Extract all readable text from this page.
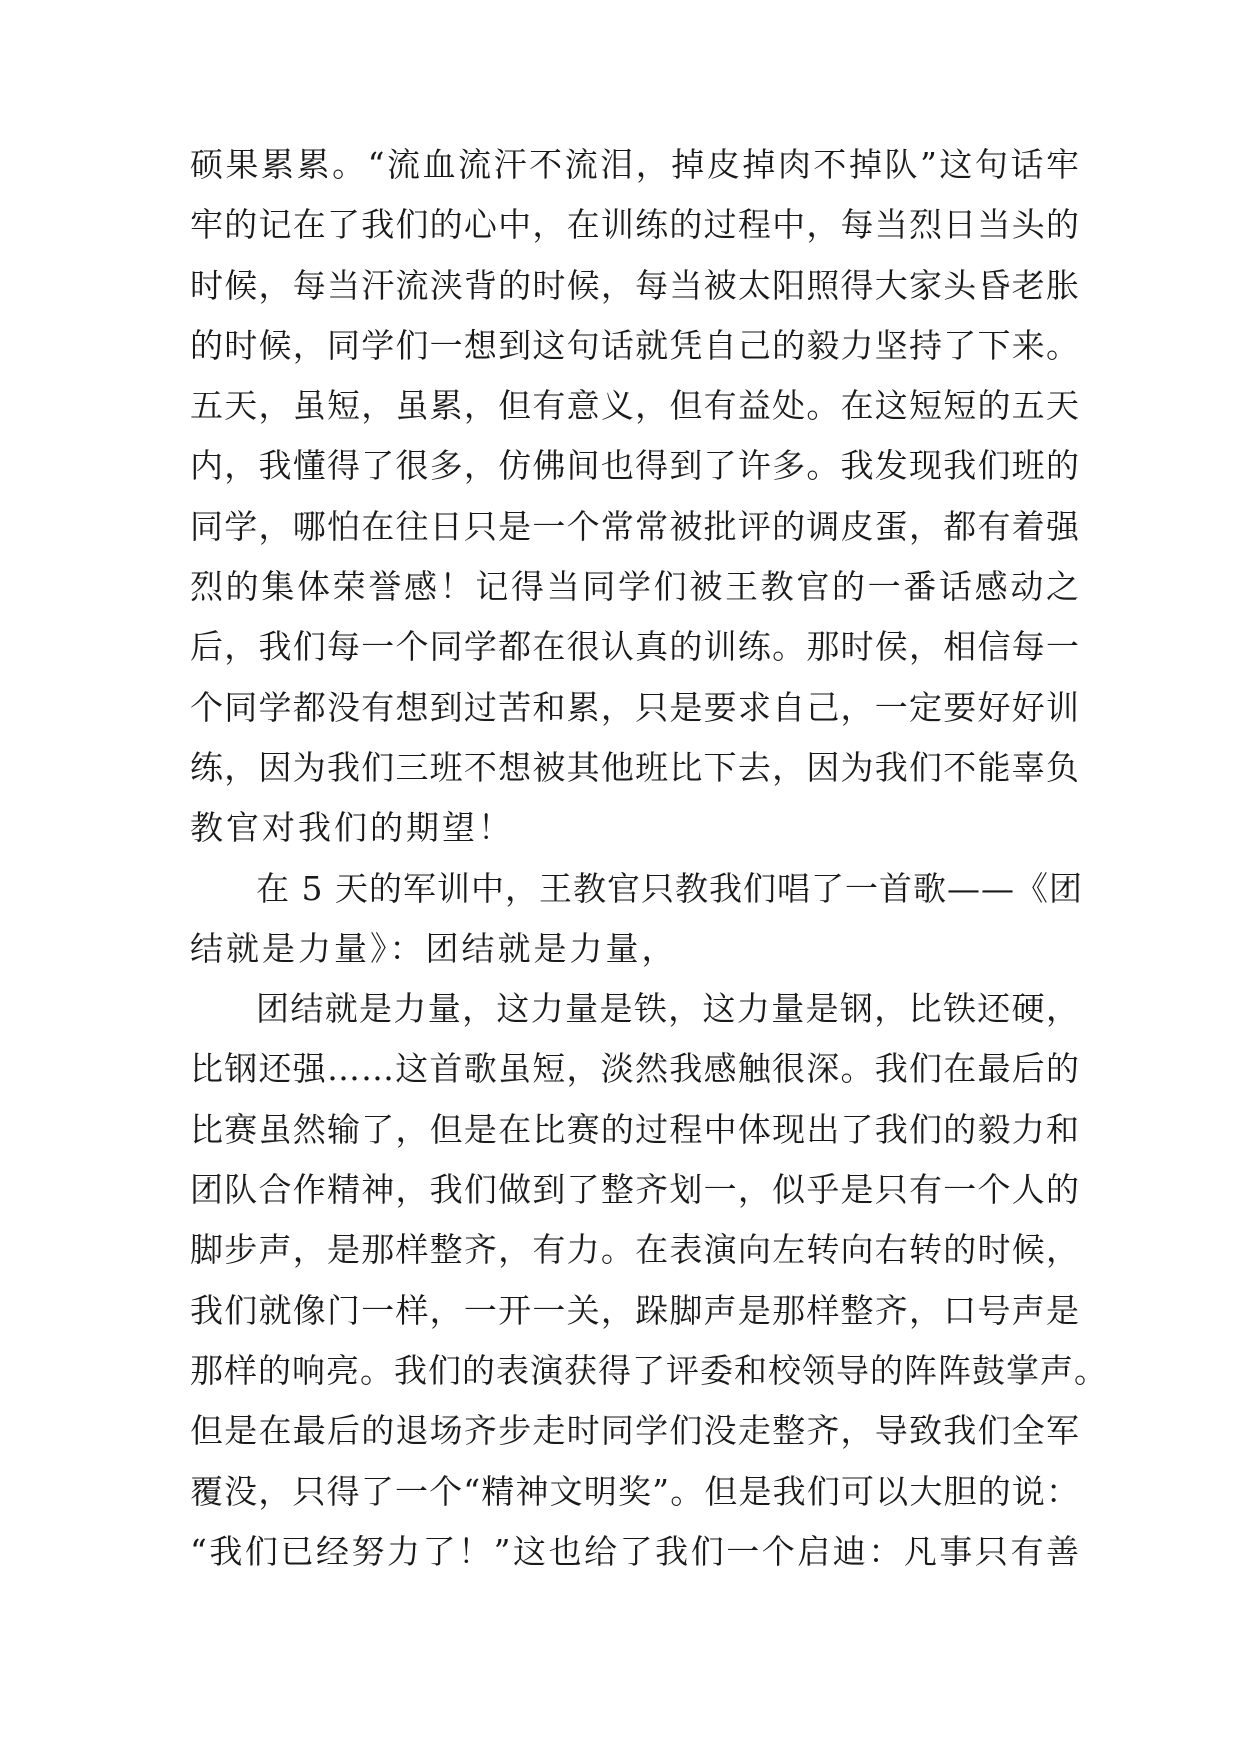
硕果累累。“流血流汗不流泪，掉皮掉肉不掉队”这句话牢
牢的记在了我们的心中，在训练的过程中，每当烈日当头的
时候，每当汗流浃背的时候，每当被太阳照得大家头昏老胀
的时候，同学们一想到这句话就凭自己的毅力坚持了下来。
五天，虽短，虽累，但有意义，但有益处。在这短短的五天
内，我懂得了很多，仿佛间也得到了许多。我发现我们班的
同学，哪怕在往日只是一个常常被批评的调皮蛋，都有着强
烈的集体荣誉感！记得当同学们被王教官的一番话感动之
后，我们每一个同学都在很认真的训练。那时侯，相信每一
个同学都没有想到过苦和累，只是要求自己，一定要好好训
练，因为我们三班不想被其他班比下去，因为我们不能辜负
教官对我们的期望！
在 5 天的军训中，王教官只教我们唱了一首歌——《团
结就是力量》：团结就是力量，
团结就是力量，这力量是铁，这力量是钢，比铁还硬，
比钢还强……这首歌虽短，淡然我感触很深。我们在最后的
比赛虽然输了，但是在比赛的过程中体现出了我们的毅力和
团队合作精神，我们做到了整齐划一，似乎是只有一个人的
脚步声，是那样整齐，有力。在表演向左转向右转的时候，
我们就像门一样，一开一关，跺脚声是那样整齐，口号声是
那样的响亮。我们的表演获得了评委和校领导的阵阵鼓掌声。
但是在最后的退场齐步走时同学们没走整齐，导致我们全军
覆没，只得了一个“精神文明奖”。但是我们可以大胆的说：
“我们已经努力了！”这也给了我们一个启迪：凡事只有善
